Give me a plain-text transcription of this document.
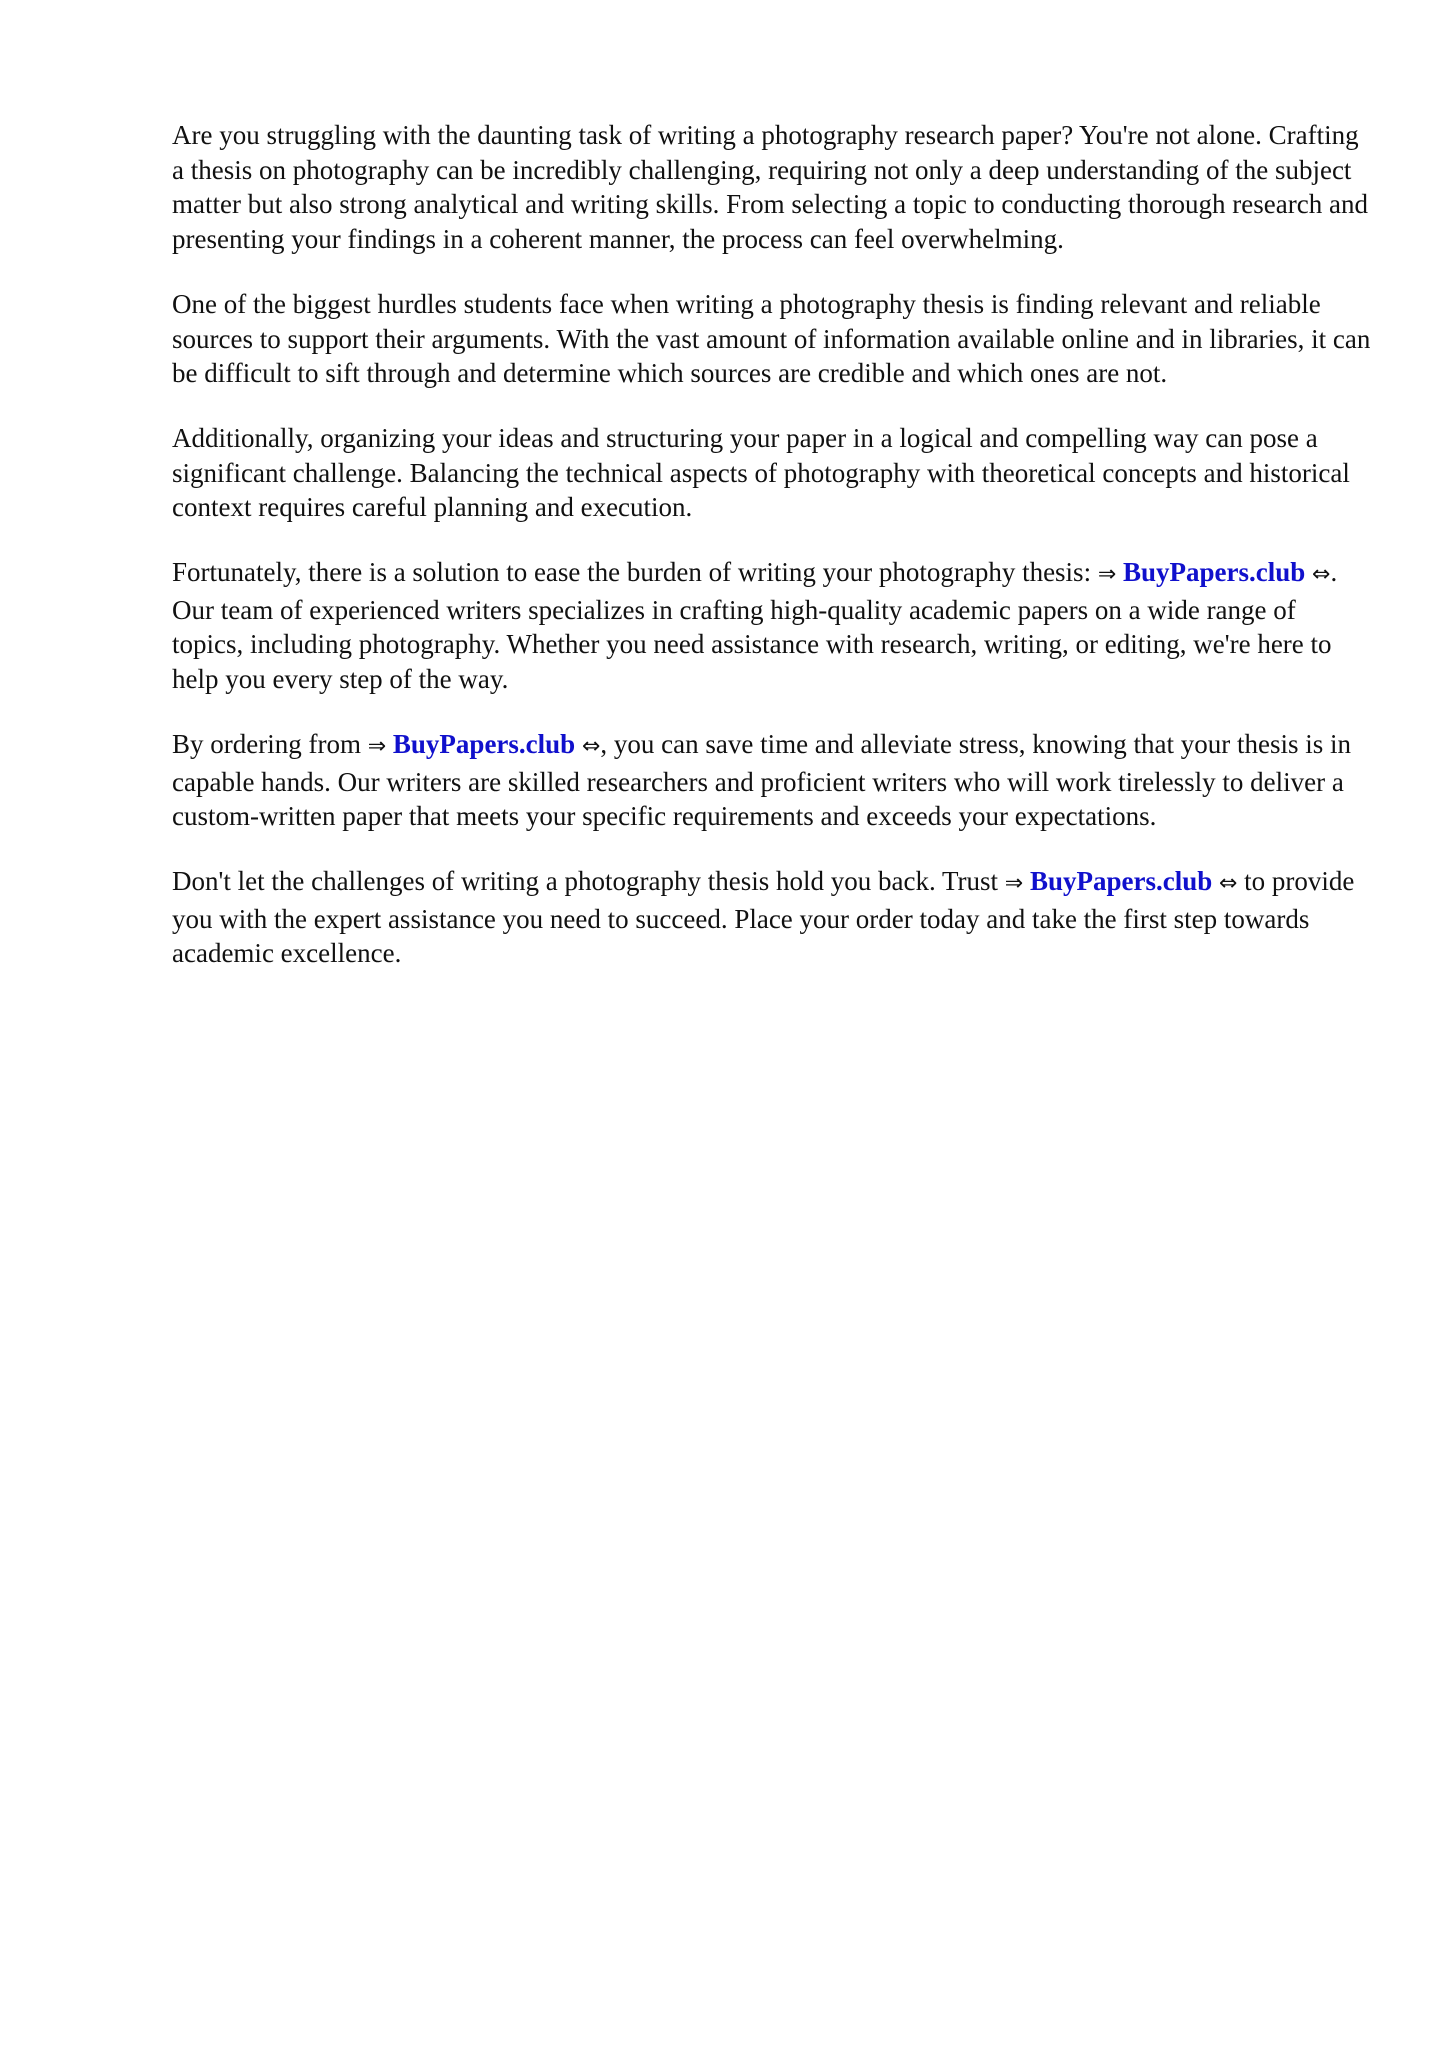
Are you struggling with the daunting task of writing a photography research paper? You're not alone. Crafting a thesis on photography can be incredibly challenging, requiring not only a deep understanding of the subject matter but also strong analytical and writing skills. From selecting a topic to conducting thorough research and presenting your findings in a coherent manner, the process can feel overwhelming.

One of the biggest hurdles students face when writing a photography thesis is finding relevant and reliable sources to support their arguments. With the vast amount of information available online and in libraries, it can be difficult to sift through and determine which sources are credible and which ones are not.

Additionally, organizing your ideas and structuring your paper in a logical and compelling way can pose a significant challenge. Balancing the technical aspects of photography with theoretical concepts and historical context requires careful planning and execution.

Fortunately, there is a solution to ease the burden of writing your photography thesis: ⇒ BuyPapers.club ⇔. Our team of experienced writers specializes in crafting high-quality academic papers on a wide range of topics, including photography. Whether you need assistance with research, writing, or editing, we're here to help you every step of the way.

By ordering from ⇒ BuyPapers.club ⇔, you can save time and alleviate stress, knowing that your thesis is in capable hands. Our writers are skilled researchers and proficient writers who will work tirelessly to deliver a custom-written paper that meets your specific requirements and exceeds your expectations.

Don't let the challenges of writing a photography thesis hold you back. Trust ⇒ BuyPapers.club ⇔ to provide you with the expert assistance you need to succeed. Place your order today and take the first step towards academic excellence.
